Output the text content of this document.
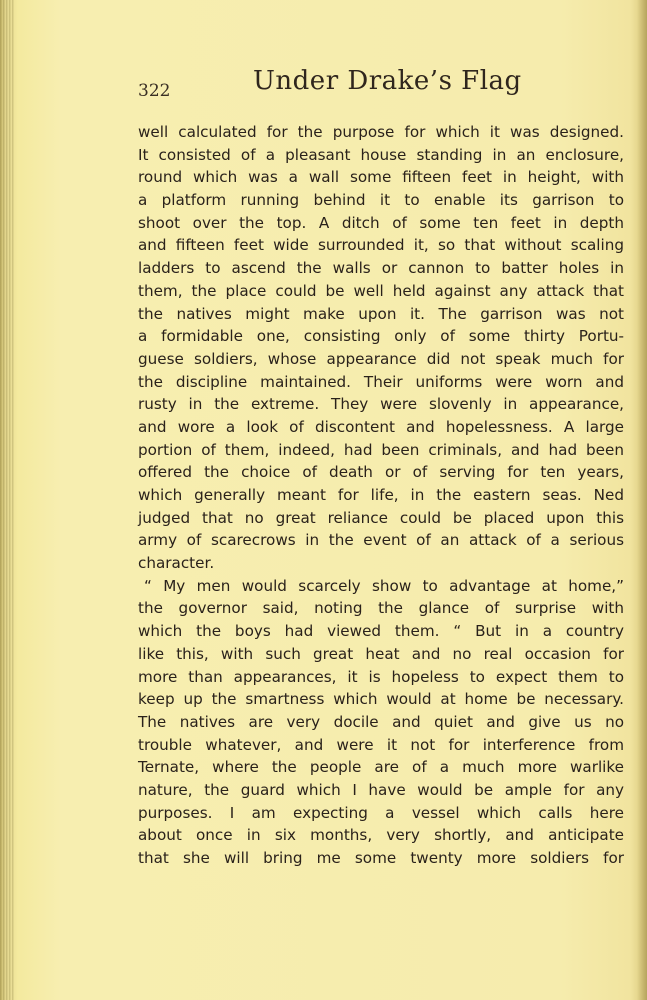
322	Under Drake’s Flag
well calculated for the purpose for which it was designed.
It consisted of a pleasant house standing in an enclosure,
round which was a wall some fifteen feet in height, with
a platform running behind it to enable its garrison to
shoot over the top. A ditch of some ten feet in depth
and fifteen feet wide surrounded it, so that without scaling
ladders to ascend the walls or cannon to batter holes in
them, the place could be well held against any attack that
the natives might make upon it. The garrison was not
a formidable one, consisting only of some thirty Portu-
guese soldiers, whose appearance did not speak much for
the discipline maintained. Their uniforms were worn and
rusty in the extreme. They were slovenly in appearance,
and wore a look of discontent and hopelessness. A large
portion of them, indeed, had been criminals, and had been
offered the choice of death or of serving for ten years,
which generally meant for life, in the eastern seas. Ned
judged that no great reliance could be placed upon this
army of scarecrows in the event of an attack of a serious
character.
“ My men would scarcely show to advantage at home,”
the governor said, noting the glance of surprise with
which the boys had viewed them. “ But in a country
like this, with such great heat and no real occasion for
more than appearances, it is hopeless to expect them to
keep up the smartness which would at home be necessary.
The natives are very docile and quiet and give us no
trouble whatever, and were it not for interference from
Ternate, where the people are of a much more warlike
nature, the guard which I have would be ample for any
purposes. I am expecting a vessel which calls here
about once in six months, very shortly, and anticipate
that she will bring me some twenty more soldiers for
